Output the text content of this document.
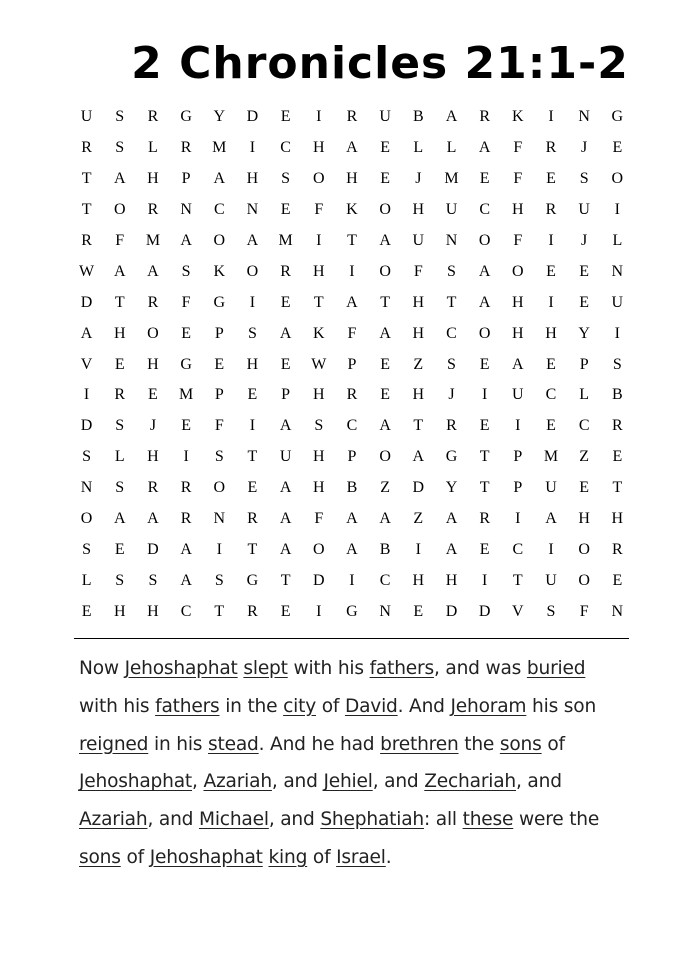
2 Chronicles 21:1-2
U	S	R	G	Y	D	E	I	R	U	B	A	R	K	I	N	G
R	S	L	R	M	I	C	H	A	E	L	L	A	F	R	J	E
T	A	H	P	A	H	S	O	H	E	J	M	E	F	E	S	O
T	O	R	N	C	N	E	F	K	O	H	U	C	H	R	U	I
R	F	M	A	O	A	M	I	T	A	U	N	O	F	I	J	L
W	A	A	S	K	O	R	H	I	O	F	S	A	O	E	E	N
D	T	R	F	G	I	E	T	A	T	H	T	A	H	I	E	U
A	H	O	E	P	S	A	K	F	A	H	C	O	H	H	Y	I
V	E	H	G	E	H	E	W	P	E	Z	S	E	A	E	P	S
I	R	E	M	P	E	P	H	R	E	H	J	I	U	C	L	B
D	S	J	E	F	I	A	S	C	A	T	R	E	I	E	C	R
S	L	H	I	S	T	U	H	P	O	A	G	T	P	M	Z	E
N	S	R	R	O	E	A	H	B	Z	D	Y	T	P	U	E	T
O	A	A	R	N	R	A	F	A	A	Z	A	R	I	A	H	H
S	E	D	A	I	T	A	O	A	B	I	A	E	C	I	O	R
L	S	S	A	S	G	T	D	I	C	H	H	I	T	U	O	E
E	H	H	C	T	R	E	I	G	N	E	D	D	V	S	F	N
Now Jehoshaphat slept with his fathers, and was buried
with his fathers in the city of David. And Jehoram his son
reigned in his stead. And he had brethren the sons of
Jehoshaphat, Azariah, and Jehiel, and Zechariah, and
Azariah, and Michael, and Shephatiah: all these were the
sons of Jehoshaphat king of Israel.
